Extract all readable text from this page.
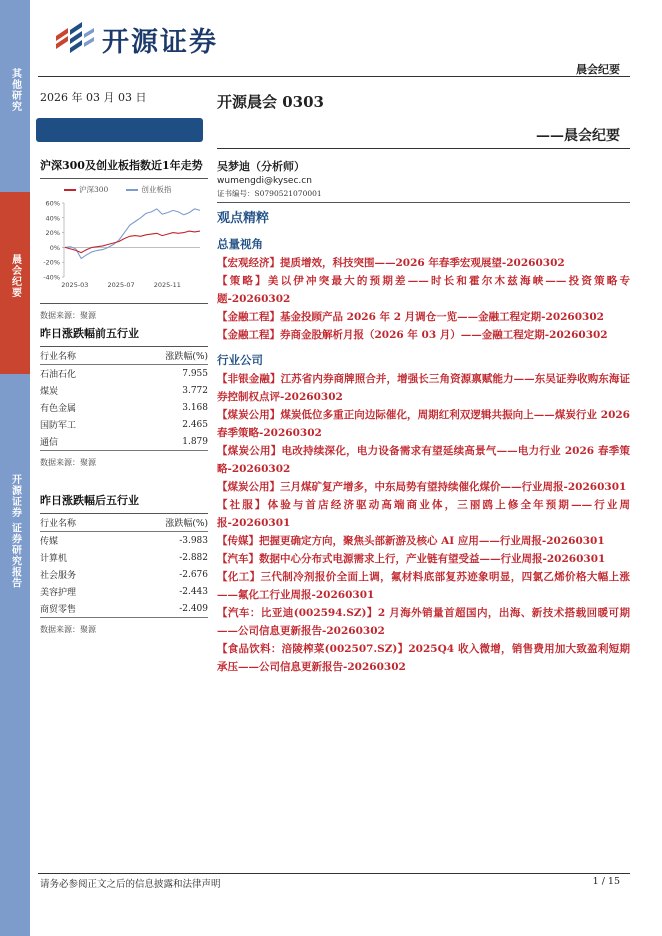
其他研究
晨会纪要
开源证券 证券研究报告
开源证券
晨会纪要
2026 年 03 月 03 日	开源晨会 0303
——晨会纪要
沪深300及创业板指数近1年走势
沪深300	创业板指
60%
40%
20%
0%
-20%
-40%
2025-03	2025-07	2025-11
数据来源：聚源
昨日涨跌幅前五行业
行业名称	涨跌幅(%)
石油石化	7.955
煤炭	3.772
有色金属	3.168
国防军工	2.465
通信	1.879
数据来源：聚源
昨日涨跌幅后五行业
行业名称	涨跌幅(%)
传媒	-3.983
计算机	-2.882
社会服务	-2.676
美容护理	-2.443
商贸零售	-2.409
数据来源：聚源
吴梦迪（分析师）
wumengdi@kysec.cn
证书编号：S0790521070001
观点精粹
总量视角
【宏观经济】提质增效，科技突围——2026 年春季宏观展望-20260302
【策略】美以伊冲突最大的预期差——时长和霍尔木兹海峡——投资策略专题-20260302
【金融工程】基金投顾产品 2026 年 2 月调仓一览——金融工程定期-20260302
【金融工程】券商金股解析月报（2026 年 03 月）——金融工程定期-20260302
行业公司
【非银金融】江苏省内券商牌照合并，增强长三角资源禀赋能力——东吴证券收购东海证券控制权点评-20260302
【煤炭公用】煤炭低位多重正向边际催化，周期红利双逻辑共振向上——煤炭行业 2026 春季策略-20260302
【煤炭公用】电改持续深化，电力设备需求有望延续高景气——电力行业 2026 春季策略-20260302
【煤炭公用】三月煤矿复产增多，中东局势有望持续催化煤价——行业周报-20260301
【社服】体验与首店经济驱动高端商业体，三丽鸥上修全年预期——行业周报-20260301
【传媒】把握更确定方向，聚焦头部新游及核心 AI 应用——行业周报-20260301
【汽车】数据中心分布式电源需求上行，产业链有望受益——行业周报-20260301
【化工】三代制冷剂报价全面上调，氟材料底部复苏迹象明显，四氯乙烯价格大幅上涨——氟化工行业周报-20260301
【汽车：比亚迪(002594.SZ)】2 月海外销量首超国内，出海、新技术搭载回暖可期——公司信息更新报告-20260302
【食品饮料：涪陵榨菜(002507.SZ)】2025Q4 收入微增，销售费用加大致盈利短期承压——公司信息更新报告-20260302
请务必参阅正文之后的信息披露和法律声明	1 / 15
